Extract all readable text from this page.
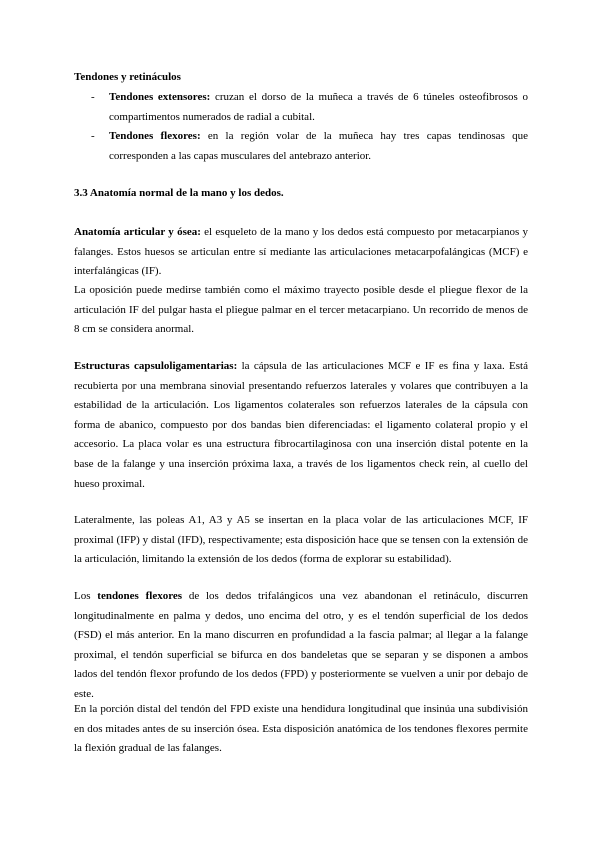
Tendones y retináculos

- Tendones extensores: cruzan el dorso de la muñeca a través de 6 túneles osteofibrosos o compartimentos numerados de radial a cubital.
- Tendones flexores: en la región volar de la muñeca hay tres capas tendinosas que corresponden a las capas musculares del antebrazo anterior.

3.3 Anatomía normal de la mano y los dedos.

Anatomía articular y ósea: el esqueleto de la mano y los dedos está compuesto por metacarpianos y falanges. Estos huesos se articulan entre sí mediante las articulaciones metacarpofalángicas (MCF) e interfalángicas (IF).

La oposición puede medirse también como el máximo trayecto posible desde el pliegue flexor de la articulación IF del pulgar hasta el pliegue palmar en el tercer metacarpiano. Un recorrido de menos de 8 cm se considera anormal.

Estructuras capsuloligamentarias: la cápsula de las articulaciones MCF e IF es fina y laxa. Está recubierta por una membrana sinovial presentando refuerzos laterales y volares que contribuyen a la estabilidad de la articulación. Los ligamentos colaterales son refuerzos laterales de la cápsula con forma de abanico, compuesto por dos bandas bien diferenciadas: el ligamento colateral propio y el accesorio. La placa volar es una estructura fibrocartilaginosa con una inserción distal potente en la base de la falange y una inserción próxima laxa, a través de los ligamentos check rein, al cuello del hueso proximal.

Lateralmente, las poleas A1, A3 y A5 se insertan en la placa volar de las articulaciones MCF, IF proximal (IFP) y distal (IFD), respectivamente; esta disposición hace que se tensen con la extensión de la articulación, limitando la extensión de los dedos (forma de explorar su estabilidad).

Los tendones flexores de los dedos trifalángicos una vez abandonan el retináculo, discurren longitudinalmente en palma y dedos, uno encima del otro, y es el tendón superficial de los dedos (FSD) el más anterior. En la mano discurren en profundidad a la fascia palmar; al llegar a la falange proximal, el tendón superficial se bifurca en dos bandeletas que se separan y se disponen a ambos lados del tendón flexor profundo de los dedos (FPD) y posteriormente se vuelven a unir por debajo de este.

En la porción distal del tendón del FPD existe una hendidura longitudinal que insinúa una subdivisión en dos mitades antes de su inserción ósea. Esta disposición anatómica de los tendones flexores permite la flexión gradual de las falanges.
